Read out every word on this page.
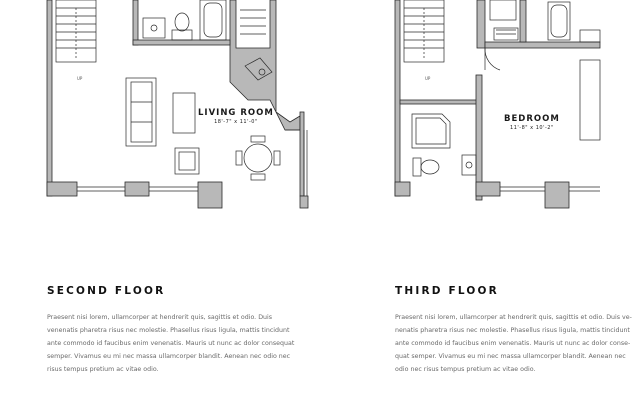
UP
LIVING ROOM
18'-7" x 11'-0"
UP
BEDROOM
11'-8" x 10'-2"
SECOND FLOOR
Praesent nisi lorem, ullamcorper at hendrerit quis, sagittis et odio. Duis venenatis pharetra risus nec molestie. Phasellus risus ligula, mattis tincidunt ante commodo id faucibus enim venenatis. Mauris ut nunc ac dolor consequat semper. Vivamus eu mi nec massa ullamcorper blandit. Aenean nec odio nec risus tempus pretium ac vitae odio.
THIRD FLOOR
Praesent nisi lorem, ullamcorper at hendrerit quis, sagittis et odio. Duis ve-
nenatis pharetra risus nec molestie. Phasellus risus ligula, mattis tincidunt
ante commodo id faucibus enim venenatis. Mauris ut nunc ac dolor conse-
quat semper. Vivamus eu mi nec massa ullamcorper blandit. Aenean nec
odio nec risus tempus pretium ac vitae odio.
